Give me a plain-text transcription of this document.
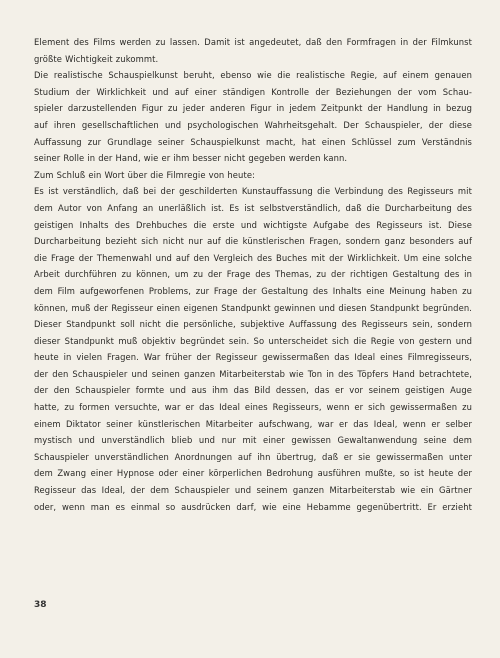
Element des Films werden zu lassen. Damit ist angedeutet, daß den Formfragen in der Filmkunst
größte Wichtigkeit zukommt.
Die realistische Schauspielkunst beruht, ebenso wie die realistische Regie, auf einem genauen
Studium der Wirklichkeit und auf einer ständigen Kontrolle der Beziehungen der vom Schau-
spieler darzustellenden Figur zu jeder anderen Figur in jedem Zeitpunkt der Handlung in bezug
auf ihren gesellschaftlichen und psychologischen Wahrheitsgehalt. Der Schauspieler, der diese
Auffassung zur Grundlage seiner Schauspielkunst macht, hat einen Schlüssel zum Verständnis
seiner Rolle in der Hand, wie er ihm besser nicht gegeben werden kann.
Zum Schluß ein Wort über die Filmregie von heute:
Es ist verständlich, daß bei der geschilderten Kunstauffassung die Verbindung des Regisseurs mit
dem Autor von Anfang an unerläßlich ist. Es ist selbstverständlich, daß die Durcharbeitung des
geistigen Inhalts des Drehbuches die erste und wichtigste Aufgabe des Regisseurs ist. Diese
Durcharbeitung bezieht sich nicht nur auf die künstlerischen Fragen, sondern ganz besonders auf
die Frage der Themenwahl und auf den Vergleich des Buches mit der Wirklichkeit. Um eine solche
Arbeit durchführen zu können, um zu der Frage des Themas, zu der richtigen Gestaltung des in
dem Film aufgeworfenen Problems, zur Frage der Gestaltung des Inhalts eine Meinung haben zu
können, muß der Regisseur einen eigenen Standpunkt gewinnen und diesen Standpunkt begründen.
Dieser Standpunkt soll nicht die persönliche, subjektive Auffassung des Regisseurs sein, sondern
dieser Standpunkt muß objektiv begründet sein. So unterscheidet sich die Regie von gestern und
heute in vielen Fragen. War früher der Regisseur gewissermaßen das Ideal eines Filmregisseurs,
der den Schauspieler und seinen ganzen Mitarbeiterstab wie Ton in des Töpfers Hand betrachtete,
der den Schauspieler formte und aus ihm das Bild dessen, das er vor seinem geistigen Auge
hatte, zu formen versuchte, war er das Ideal eines Regisseurs, wenn er sich gewissermaßen zu
einem Diktator seiner künstlerischen Mitarbeiter aufschwang, war er das Ideal, wenn er selber
mystisch und unverständlich blieb und nur mit einer gewissen Gewaltanwendung seine dem
Schauspieler unverständlichen Anordnungen auf ihn übertrug, daß er sie gewissermaßen unter
dem Zwang einer Hypnose oder einer körperlichen Bedrohung ausführen mußte, so ist heute der
Regisseur das Ideal, der dem Schauspieler und seinem ganzen Mitarbeiterstab wie ein Gärtner
oder, wenn man es einmal so ausdrücken darf, wie eine Hebamme gegenübertritt. Er erzieht
38
